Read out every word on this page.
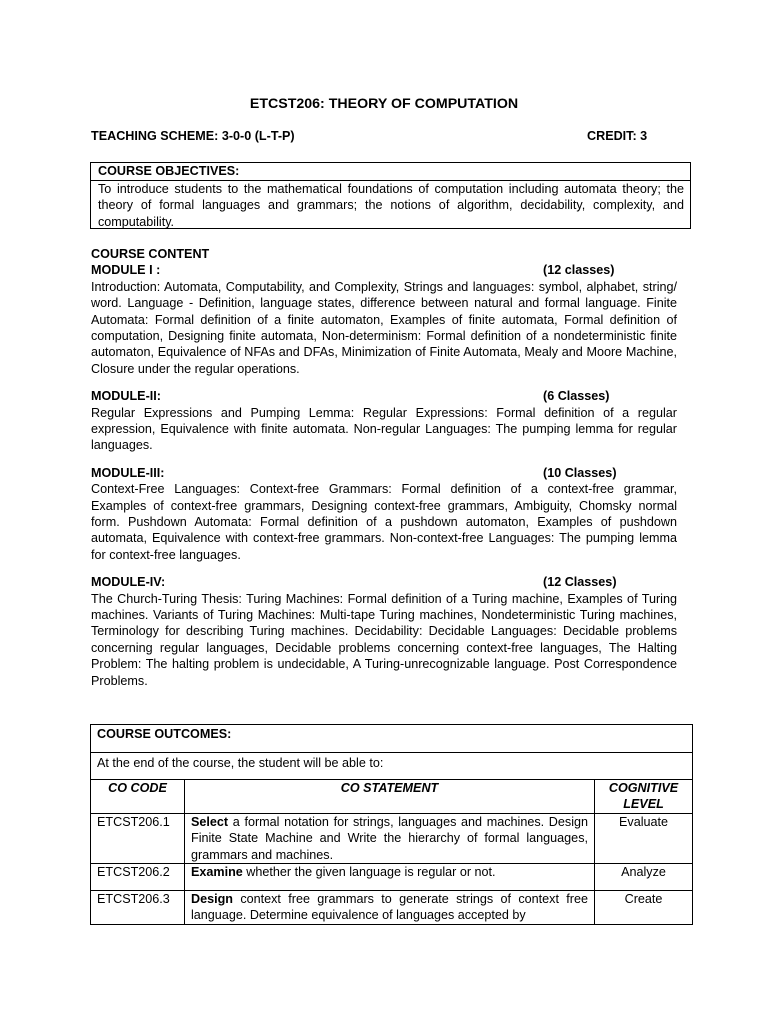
ETCST206: THEORY OF COMPUTATION
TEACHING SCHEME: 3-0-0 (L-T-P)	CREDIT: 3
COURSE OBJECTIVES:
To introduce students to the mathematical foundations of computation including automata theory; the theory of formal languages and grammars; the notions of algorithm, decidability, complexity, and computability.
COURSE CONTENT
MODULE I :	(12 classes)

Introduction: Automata, Computability, and Complexity, Strings and languages: symbol, alphabet, string/ word. Language - Definition, language states, difference between natural and formal language. Finite Automata: Formal definition of a finite automaton, Examples of finite automata, Formal definition of computation, Designing finite automata, Non-determinism: Formal definition of a nondeterministic finite automaton, Equivalence of NFAs and DFAs, Minimization of Finite Automata, Mealy and Moore Machine, Closure under the regular operations.

MODULE-II:	(6 Classes)

Regular Expressions and Pumping Lemma: Regular Expressions: Formal definition of a regular expression, Equivalence with finite automata. Non-regular Languages: The pumping lemma for regular languages.

MODULE-III:	(10 Classes)

Context-Free Languages: Context-free Grammars: Formal definition of a context-free grammar, Examples of context-free grammars, Designing context-free grammars, Ambiguity, Chomsky normal form. Pushdown Automata: Formal definition of a pushdown automaton, Examples of pushdown automata, Equivalence with context-free grammars. Non-context-free Languages: The pumping lemma for context-free languages.

MODULE-IV:	(12 Classes)

The Church-Turing Thesis: Turing Machines: Formal definition of a Turing machine, Examples of Turing machines. Variants of Turing Machines: Multi-tape Turing machines, Nondeterministic Turing machines, Terminology for describing Turing machines. Decidability: Decidable Languages: Decidable problems concerning regular languages, Decidable problems concerning context-free languages, The Halting Problem: The halting problem is undecidable, A Turing-unrecognizable language. Post Correspondence Problems.

COURSE OUTCOMES:		
At the end of the course, the student will be able to:		
CO CODE	CO STATEMENT	COGNITIVE LEVEL
ETCST206.1	Select a formal notation for strings, languages and machines. Design Finite State Machine and Write the hierarchy of formal languages, grammars and machines.	Evaluate
ETCST206.2	Examine whether the given language is regular or not.	Analyze
ETCST206.3	Design context free grammars to generate strings of context free language. Determine equivalence of languages accepted by	Create
